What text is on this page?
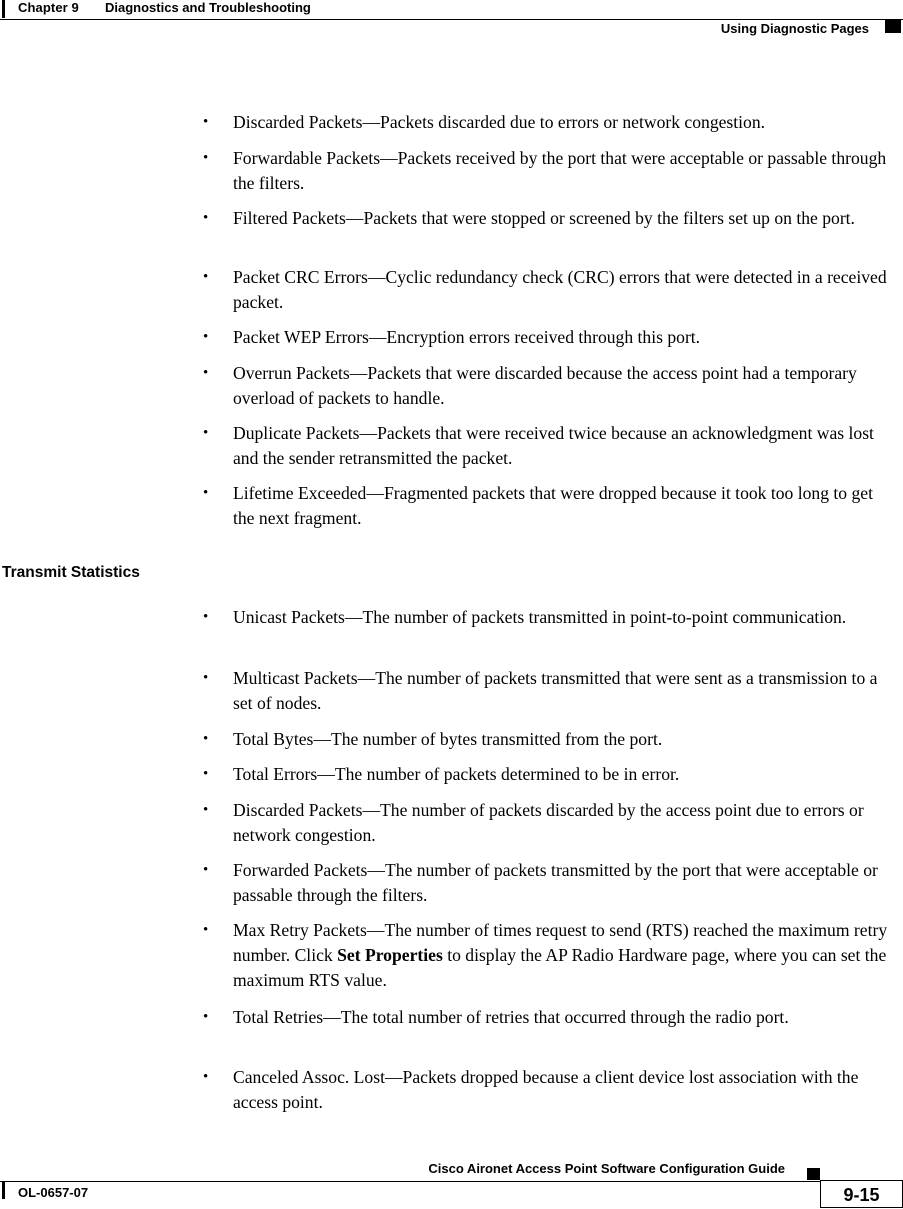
Chapter 9 Diagnostics and Troubleshooting
Using Diagnostic Pages
• Discarded Packets—Packets discarded due to errors or network congestion.
• Forwardable Packets—Packets received by the port that were acceptable or passable through the filters.
• Filtered Packets—Packets that were stopped or screened by the filters set up on the port.
• Packet CRC Errors—Cyclic redundancy check (CRC) errors that were detected in a received packet.
• Packet WEP Errors—Encryption errors received through this port.
• Overrun Packets—Packets that were discarded because the access point had a temporary overload of packets to handle.
• Duplicate Packets—Packets that were received twice because an acknowledgment was lost and the sender retransmitted the packet.
• Lifetime Exceeded—Fragmented packets that were dropped because it took too long to get the next fragment.
Transmit Statistics
• Unicast Packets—The number of packets transmitted in point-to-point communication.
• Multicast Packets—The number of packets transmitted that were sent as a transmission to a set of nodes.
• Total Bytes—The number of bytes transmitted from the port.
• Total Errors—The number of packets determined to be in error.
• Discarded Packets—The number of packets discarded by the access point due to errors or network congestion.
• Forwarded Packets—The number of packets transmitted by the port that were acceptable or passable through the filters.
• Max Retry Packets—The number of times request to send (RTS) reached the maximum retry number. Click Set Properties to display the AP Radio Hardware page, where you can set the maximum RTS value.
• Total Retries—The total number of retries that occurred through the radio port.
• Canceled Assoc. Lost—Packets dropped because a client device lost association with the access point.
Cisco Aironet Access Point Software Configuration Guide
OL-0657-07	9-15
